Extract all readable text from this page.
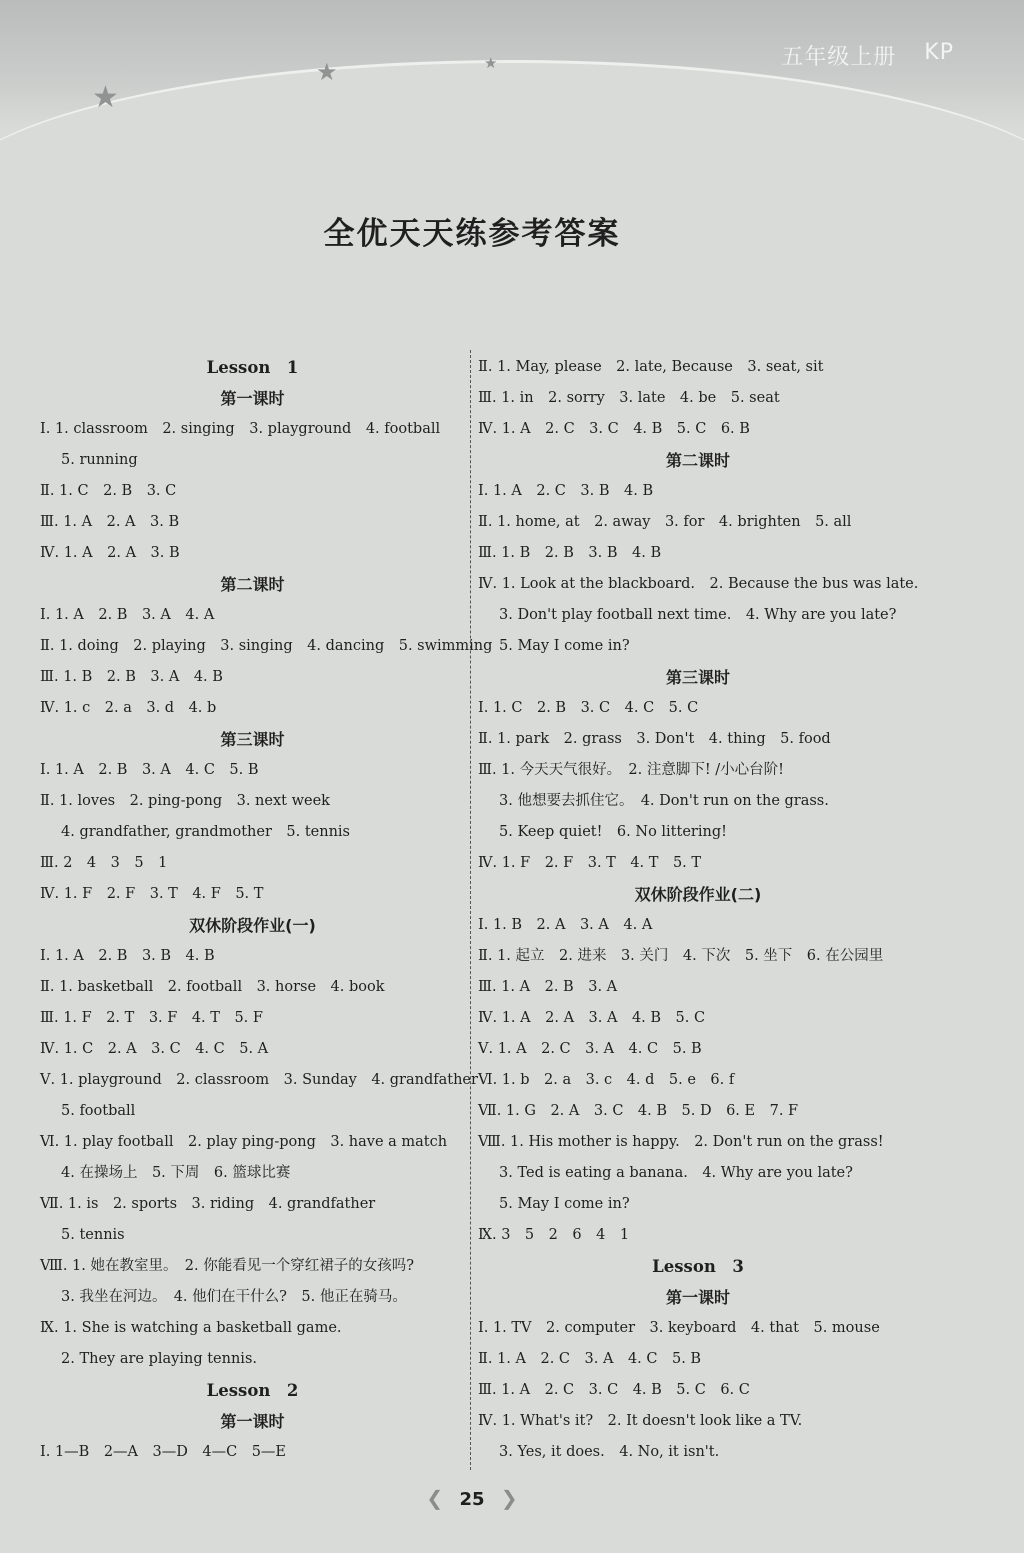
★
★	★	五年级上册 KP
全优天天练参考答案
Lesson　1
第一课时
Ⅰ. 1. classroom　2. singing　3. playground　4. football
5. running
Ⅱ. 1. C　2. B　3. C
Ⅲ. 1. A　2. A　3. B
Ⅳ. 1. A　2. A　3. B
第二课时
Ⅰ. 1. A　2. B　3. A　4. A
Ⅱ. 1. doing　2. playing　3. singing　4. dancing　5. swimming
Ⅲ. 1. B　2. B　3. A　4. B
Ⅳ. 1. c　2. a　3. d　4. b
第三课时
Ⅰ. 1. A　2. B　3. A　4. C　5. B
Ⅱ. 1. loves　2. ping-pong　3. next week
4. grandfather, grandmother　5. tennis
Ⅲ. 2　4　3　5　1
Ⅳ. 1. F　2. F　3. T　4. F　5. T
双休阶段作业(一)
Ⅰ. 1. A　2. B　3. B　4. B
Ⅱ. 1. basketball　2. football　3. horse　4. book
Ⅲ. 1. F　2. T　3. F　4. T　5. F
Ⅳ. 1. C　2. A　3. C　4. C　5. A
Ⅴ. 1. playground　2. classroom　3. Sunday　4. grandfather
5. football
Ⅵ. 1. play football　2. play ping-pong　3. have a match
4. 在操场上　5. 下周　6. 篮球比赛
Ⅶ. 1. is　2. sports　3. riding　4. grandfather
5. tennis
Ⅷ. 1. 她在教室里。　2. 你能看见一个穿红裙子的女孩吗?
3. 我坐在河边。　4. 他们在干什么?　5. 他正在骑马。
Ⅸ. 1. She is watching a basketball game.
2. They are playing tennis.
Lesson　2
第一课时
Ⅰ. 1—B　2—A　3—D　4—C　5—E
Ⅱ. 1. May, please　2. late, Because　3. seat, sit
Ⅲ. 1. in　2. sorry　3. late　4. be　5. seat
Ⅳ. 1. A　2. C　3. C　4. B　5. C　6. B
第二课时
Ⅰ. 1. A　2. C　3. B　4. B
Ⅱ. 1. home, at　2. away　3. for　4. brighten　5. all
Ⅲ. 1. B　2. B　3. B　4. B
Ⅳ. 1. Look at the blackboard.　2. Because the bus was late.
3. Don't play football next time.　4. Why are you late?
5. May I come in?
第三课时
Ⅰ. 1. C　2. B　3. C　4. C　5. C
Ⅱ. 1. park　2. grass　3. Don't　4. thing　5. food
Ⅲ. 1. 今天天气很好。　2. 注意脚下! /小心台阶!
3. 他想要去抓住它。　4. Don't run on the grass.
5. Keep quiet!　6. No littering!
Ⅳ. 1. F　2. F　3. T　4. T　5. T
双休阶段作业(二)
Ⅰ. 1. B　2. A　3. A　4. A
Ⅱ. 1. 起立　2. 进来　3. 关门　4. 下次　5. 坐下　6. 在公园里
Ⅲ. 1. A　2. B　3. A
Ⅳ. 1. A　2. A　3. A　4. B　5. C
Ⅴ. 1. A　2. C　3. A　4. C　5. B
Ⅵ. 1. b　2. a　3. c　4. d　5. e　6. f
Ⅶ. 1. G　2. A　3. C　4. B　5. D　6. E　7. F
Ⅷ. 1. His mother is happy.　2. Don't run on the grass!
3. Ted is eating a banana.　4. Why are you late?
5. May I come in?
Ⅸ. 3　5　2　6　4　1
Lesson　3
第一课时
Ⅰ. 1. TV　2. computer　3. keyboard　4. that　5. mouse
Ⅱ. 1. A　2. C　3. A　4. C　5. B
Ⅲ. 1. A　2. C　3. C　4. B　5. C　6. C
Ⅳ. 1. What's it?　2. It doesn't look like a TV.
3. Yes, it does.　4. No, it isn't.
❮ 25 ❯
